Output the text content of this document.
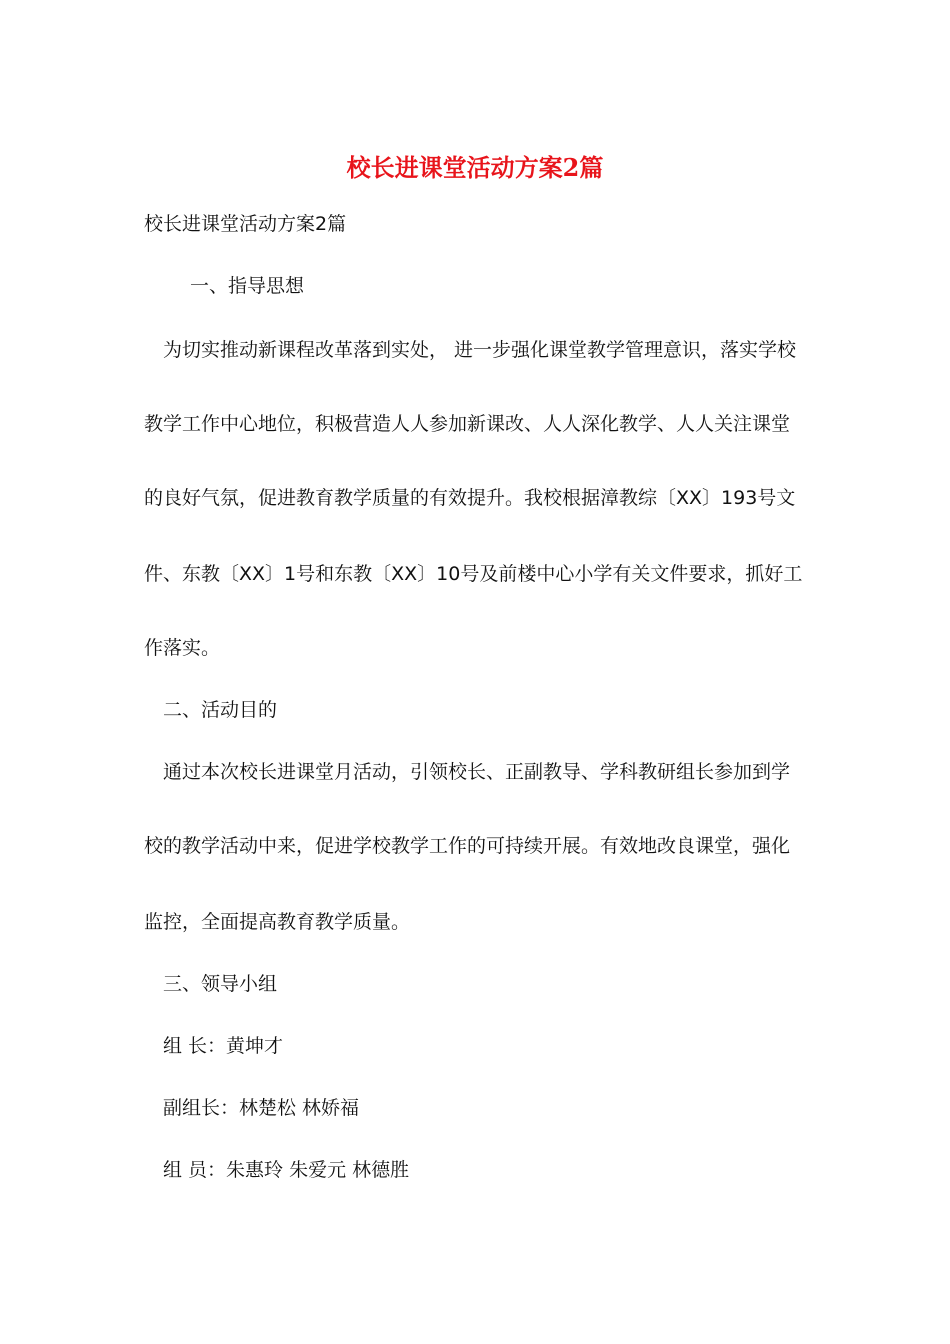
校长进课堂活动方案2篇

校长进课堂活动方案2篇

一、指导思想

为切实推动新课程改革落到实处， 进一步强化课堂教学管理意识，落实学校

教学工作中心地位，积极营造人人参加新课改、人人深化教学、人人关注课堂

的良好气氛，促进教育教学质量的有效提升。我校根据漳教综〔XX〕193号文

件、东教〔XX〕1号和东教〔XX〕10号及前楼中心小学有关文件要求，抓好工

作落实。

二、活动目的

通过本次校长进课堂月活动，引领校长、正副教导、学科教研组长参加到学

校的教学活动中来，促进学校教学工作的可持续开展。有效地改良课堂，强化

监控，全面提高教育教学质量。

三、领导小组

组 长：黄坤才

副组长：林楚松 林娇福

组 员：朱惠玲 朱爱元 林德胜
